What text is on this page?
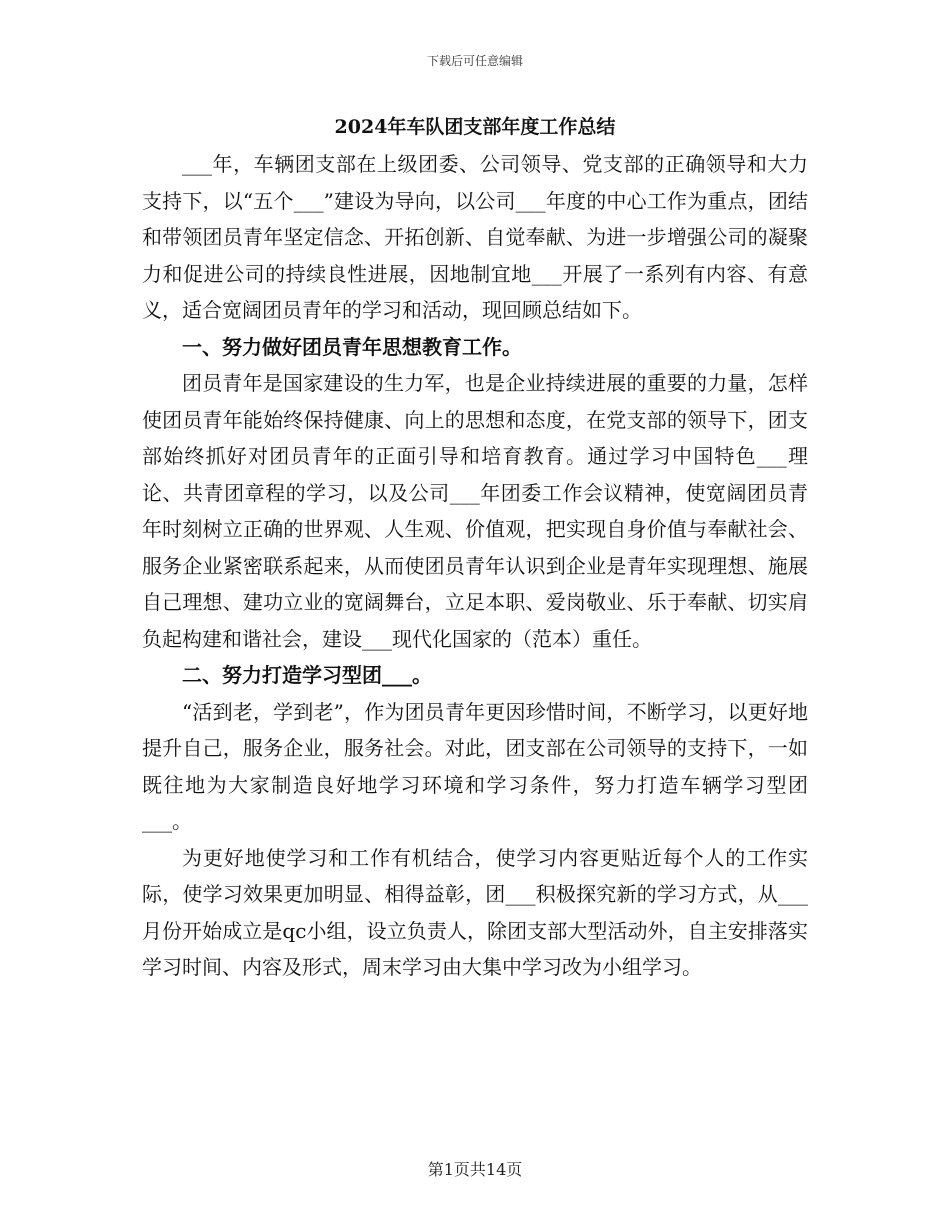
下载后可任意编辑
2024年车队团支部年度工作总结

___年，车辆团支部在上级团委、公司领导、党支部的正确领导和大力支持下，以“五个___”建设为导向，以公司___年度的中心工作为重点，团结和带领团员青年坚定信念、开拓创新、自觉奉献、为进一步增强公司的凝聚力和促进公司的持续良性进展，因地制宜地___开展了一系列有内容、有意义，适合宽阔团员青年的学习和活动，现回顾总结如下。

一、努力做好团员青年思想教育工作。

团员青年是国家建设的生力军，也是企业持续进展的重要的力量，怎样使团员青年能始终保持健康、向上的思想和态度，在党支部的领导下，团支部始终抓好对团员青年的正面引导和培育教育。通过学习中国特色___理论、共青团章程的学习，以及公司___年团委工作会议精神，使宽阔团员青年时刻树立正确的世界观、人生观、价值观，把实现自身价值与奉献社会、服务企业紧密联系起来，从而使团员青年认识到企业是青年实现理想、施展自己理想、建功立业的宽阔舞台，立足本职、爱岗敬业、乐于奉献、切实肩负起构建和谐社会，建设___现代化国家的（范本）重任。

二、努力打造学习型团___。

“活到老，学到老”，作为团员青年更因珍惜时间，不断学习，以更好地提升自己，服务企业，服务社会。对此，团支部在公司领导的支持下，一如既往地为大家制造良好地学习环境和学习条件，努力打造车辆学习型团___。

为更好地使学习和工作有机结合，使学习内容更贴近每个人的工作实际，使学习效果更加明显、相得益彰，团___积极探究新的学习方式，从___月份开始成立是qc小组，设立负责人，除团支部大型活动外，自主安排落实学习时间、内容及形式，周末学习由大集中学习改为小组学习。

第1页共14页
